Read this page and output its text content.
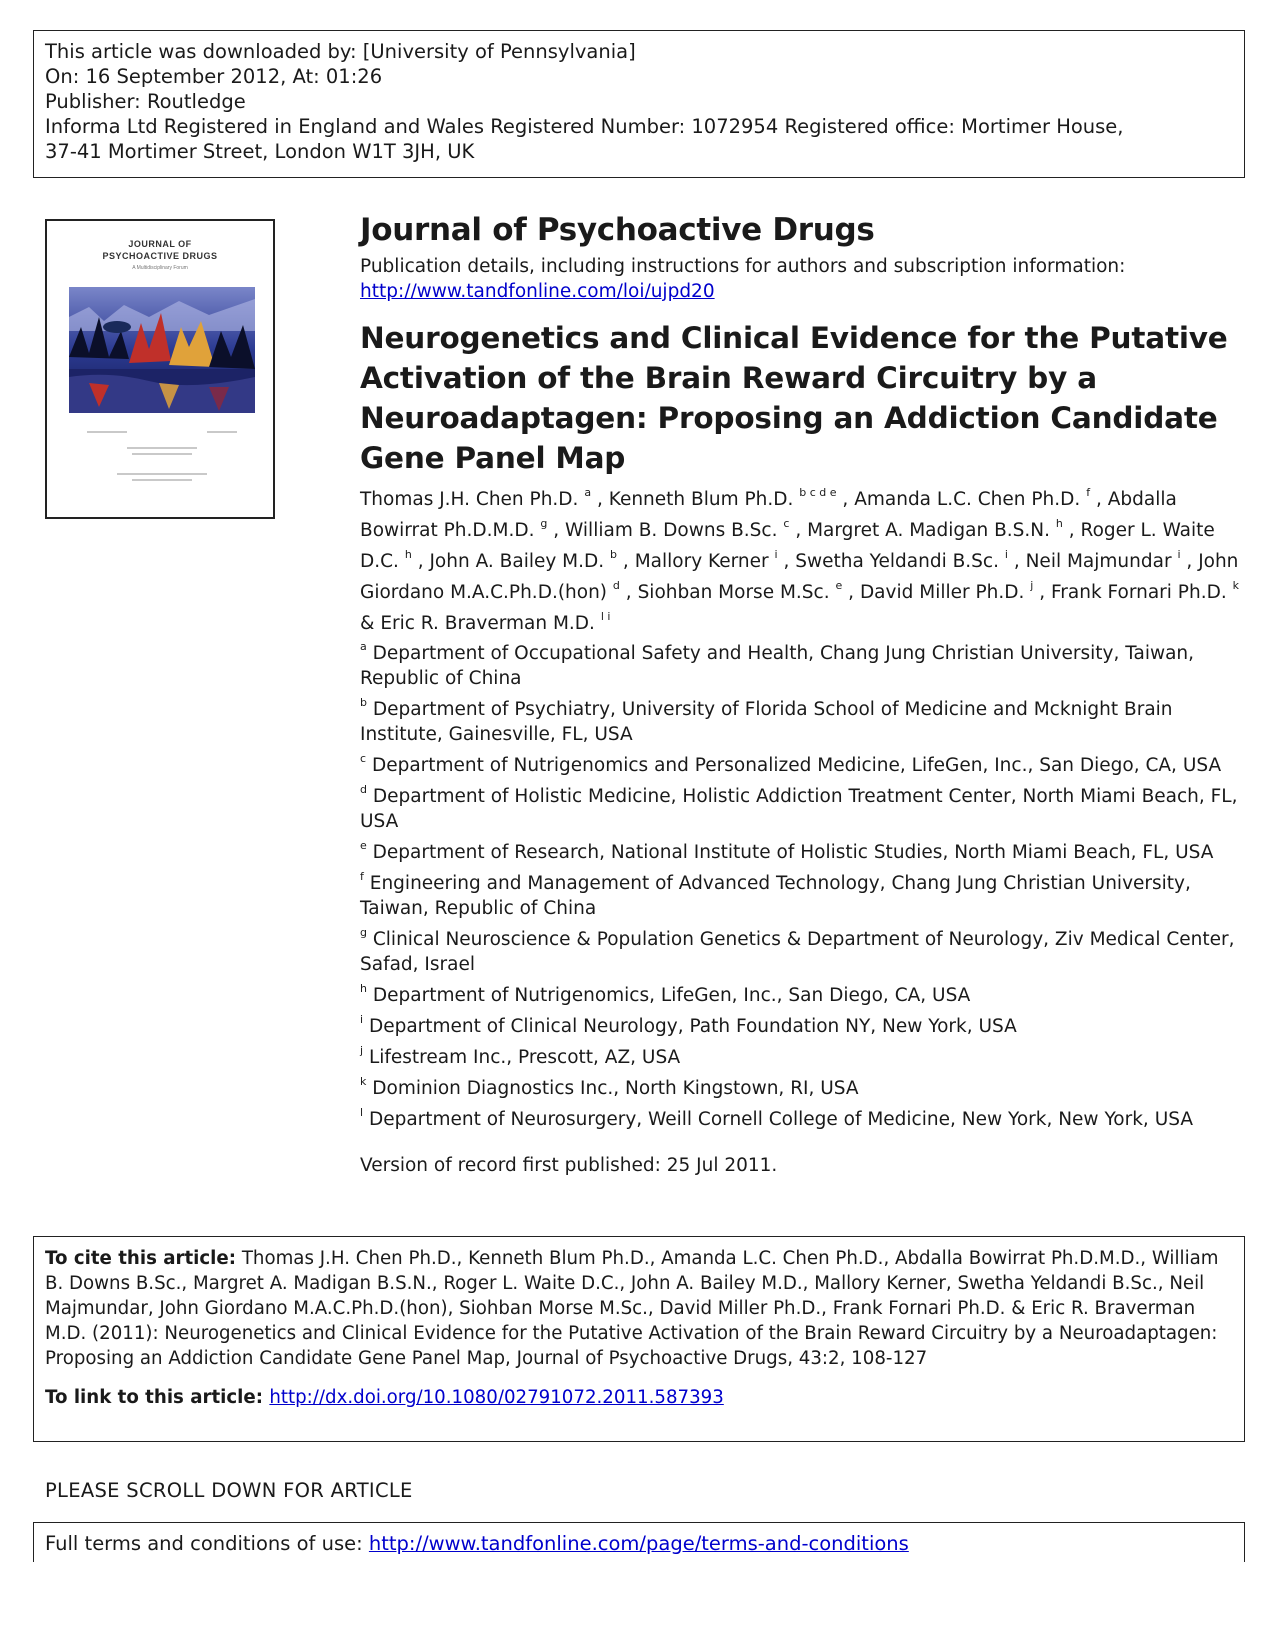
This article was downloaded by: [University of Pennsylvania]
On: 16 September 2012, At: 01:26
Publisher: Routledge
Informa Ltd Registered in England and Wales Registered Number: 1072954 Registered office: Mortimer House,
37-41 Mortimer Street, London W1T 3JH, UK
JOURNAL OF
PSYCHOACTIVE DRUGS
A Multidisciplinary Forum
Journal of Psychoactive Drugs
Publication details, including instructions for authors and subscription information:
http://www.tandfonline.com/loi/ujpd20
Neurogenetics and Clinical Evidence for the Putative Activation of the Brain Reward Circuitry by a Neuroadaptagen: Proposing an Addiction Candidate Gene Panel Map
Thomas J.H. Chen Ph.D. $^a$ , Kenneth Blum Ph.D. $^{b c d e}$ , Amanda L.C. Chen Ph.D. $^f$ , Abdalla Bowirrat Ph.D.M.D. $^g$ , William B. Downs B.Sc. $^c$ , Margret A. Madigan B.S.N. $^h$ , Roger L. Waite D.C. $^h$ , John A. Bailey M.D. $^b$ , Mallory Kerner $^i$ , Swetha Yeldandi B.Sc. $^i$ , Neil Majmundar $^i$ , John Giordano M.A.C.Ph.D.(hon) $^d$ , Siohban Morse M.Sc. $^e$ , David Miller Ph.D. $^j$ , Frank Fornari Ph.D. $^k$ & Eric R. Braverman M.D. $^{l i}$
$^a$ Department of Occupational Safety and Health, Chang Jung Christian University, Taiwan, Republic of China
$^b$ Department of Psychiatry, University of Florida School of Medicine and Mcknight Brain Institute, Gainesville, FL, USA
$^c$ Department of Nutrigenomics and Personalized Medicine, LifeGen, Inc., San Diego, CA, USA
$^d$ Department of Holistic Medicine, Holistic Addiction Treatment Center, North Miami Beach, FL, USA
$^e$ Department of Research, National Institute of Holistic Studies, North Miami Beach, FL, USA
$^f$ Engineering and Management of Advanced Technology, Chang Jung Christian University, Taiwan, Republic of China
$^g$ Clinical Neuroscience & Population Genetics & Department of Neurology, Ziv Medical Center, Safad, Israel
$^h$ Department of Nutrigenomics, LifeGen, Inc., San Diego, CA, USA
$^i$ Department of Clinical Neurology, Path Foundation NY, New York, USA
$^j$ Lifestream Inc., Prescott, AZ, USA
$^k$ Dominion Diagnostics Inc., North Kingstown, RI, USA
$^l$ Department of Neurosurgery, Weill Cornell College of Medicine, New York, New York, USA
Version of record first published: 25 Jul 2011.
To cite this article: Thomas J.H. Chen Ph.D., Kenneth Blum Ph.D., Amanda L.C. Chen Ph.D., Abdalla Bowirrat Ph.D.M.D., William B. Downs B.Sc., Margret A. Madigan B.S.N., Roger L. Waite D.C., John A. Bailey M.D., Mallory Kerner, Swetha Yeldandi B.Sc., Neil Majmundar, John Giordano M.A.C.Ph.D.(hon), Siohban Morse M.Sc., David Miller Ph.D., Frank Fornari Ph.D. & Eric R. Braverman M.D. (2011): Neurogenetics and Clinical Evidence for the Putative Activation of the Brain Reward Circuitry by a Neuroadaptagen: Proposing an Addiction Candidate Gene Panel Map, Journal of Psychoactive Drugs, 43:2, 108-127
To link to this article: http://dx.doi.org/10.1080/02791072.2011.587393
PLEASE SCROLL DOWN FOR ARTICLE
Full terms and conditions of use: http://www.tandfonline.com/page/terms-and-conditions
